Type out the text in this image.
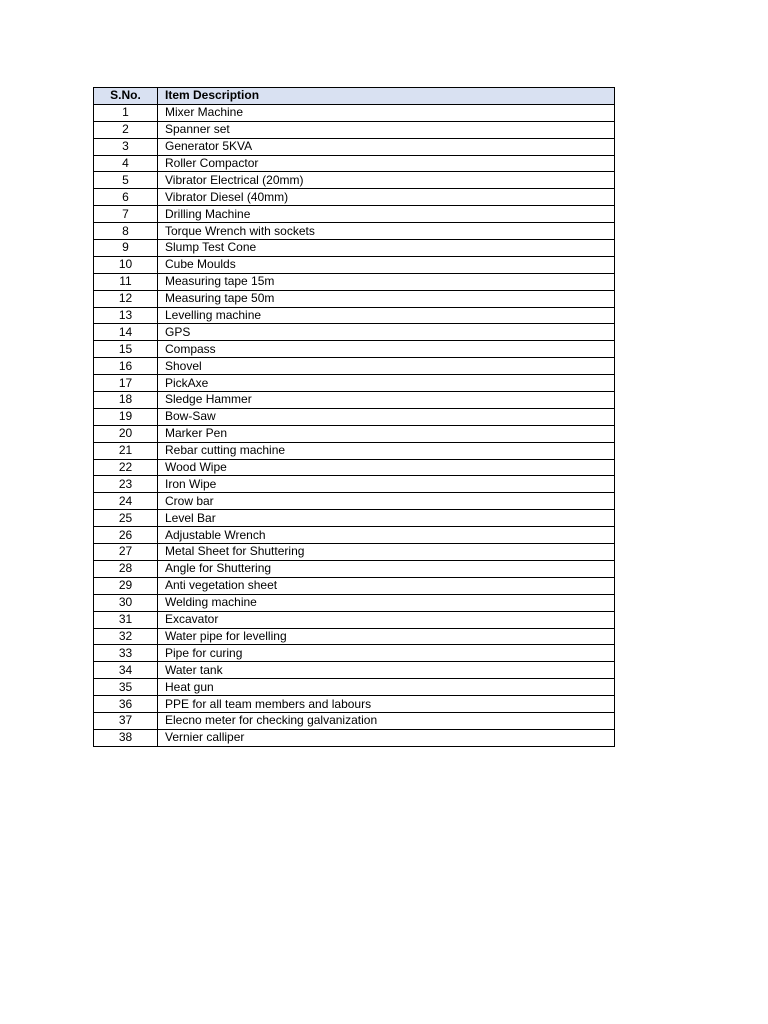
S.No.	Item Description
1	Mixer Machine
2	Spanner set
3	Generator 5KVA
4	Roller Compactor
5	Vibrator Electrical (20mm)
6	Vibrator Diesel (40mm)
7	Drilling Machine
8	Torque Wrench with sockets
9	Slump Test Cone
10	Cube Moulds
11	Measuring tape 15m
12	Measuring tape 50m
13	Levelling machine
14	GPS
15	Compass
16	Shovel
17	PickAxe
18	Sledge Hammer
19	Bow-Saw
20	Marker Pen
21	Rebar cutting machine
22	Wood Wipe
23	Iron Wipe
24	Crow bar
25	Level Bar
26	Adjustable Wrench
27	Metal Sheet for Shuttering
28	Angle for Shuttering
29	Anti vegetation sheet
30	Welding machine
31	Excavator
32	Water pipe for levelling
33	Pipe for curing
34	Water tank
35	Heat gun
36	PPE for all team members and labours
37	Elecno meter for checking galvanization
38	Vernier calliper
